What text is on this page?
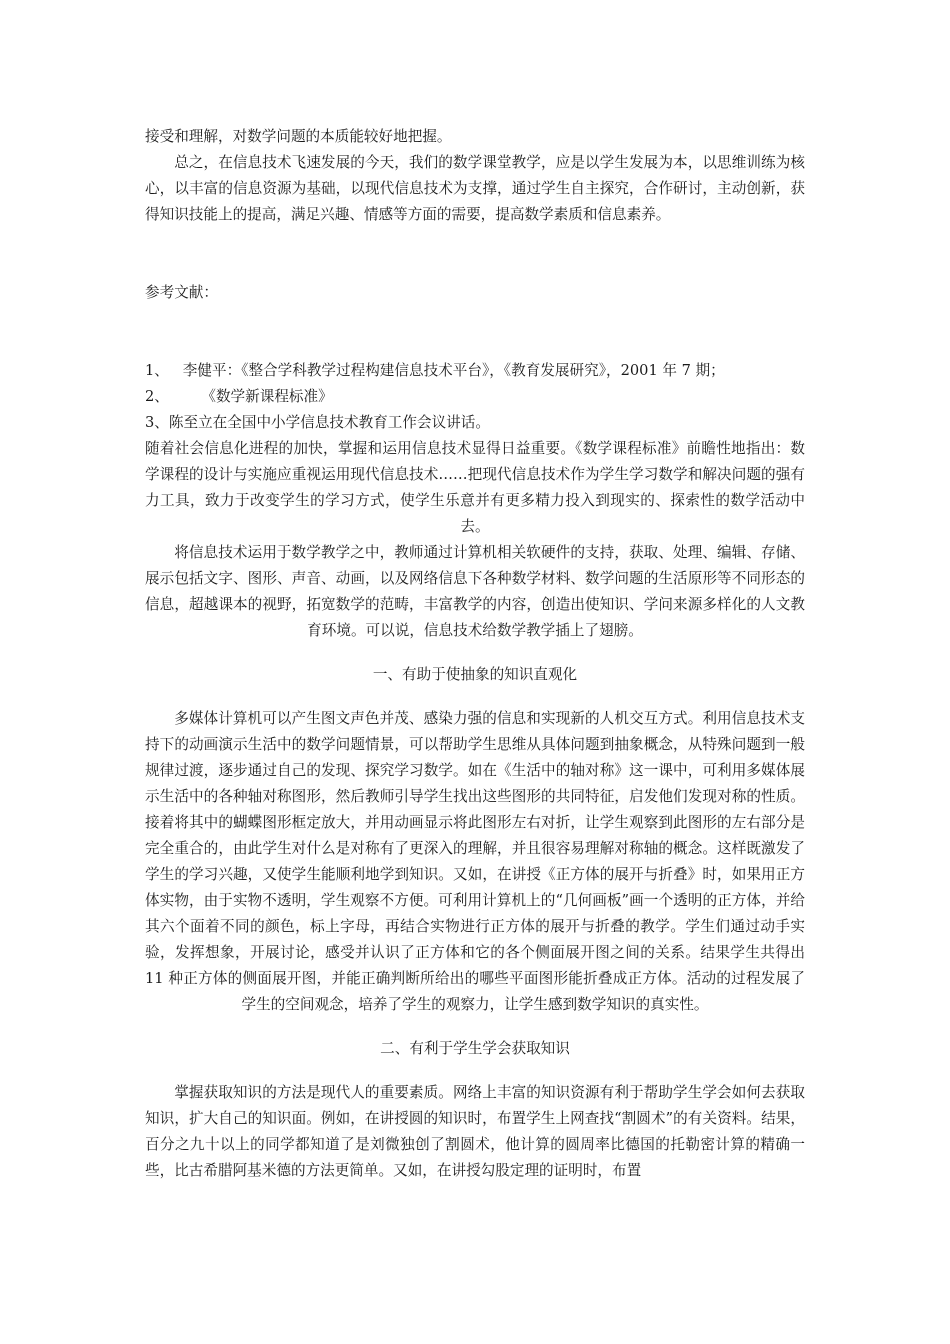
接受和理解，对数学问题的本质能较好地把握。

总之，在信息技术飞速发展的今天，我们的数学课堂教学，应是以学生发展为本，以思维训练为核心，以丰富的信息资源为基础，以现代信息技术为支撑，通过学生自主探究，合作研讨，主动创新，获得知识技能上的提高，满足兴趣、情感等方面的需要，提高数学素质和信息素养。

参考文献：

1、   李健平：《整合学科教学过程构建信息技术平台》，《教育发展研究》，2001 年 7 期；

2、       《数学新课程标准》

3、陈至立在全国中小学信息技术教育工作会议讲话。

随着社会信息化进程的加快，掌握和运用信息技术显得日益重要。《数学课程标准》前瞻性地指出：数学课程的设计与实施应重视运用现代信息技术……把现代信息技术作为学生学习数学和解决问题的强有力工具，致力于改变学生的学习方式，使学生乐意并有更多精力投入到现实的、探索性的数学活动中去。

将信息技术运用于数学教学之中，教师通过计算机相关软硬件的支持，获取、处理、编辑、存储、展示包括文字、图形、声音、动画，以及网络信息下各种数学材料、数学问题的生活原形等不同形态的信息，超越课本的视野，拓宽数学的范畴，丰富教学的内容，创造出使知识、学问来源多样化的人文教育环境。可以说，信息技术给数学教学插上了翅膀。

一、有助于使抽象的知识直观化

多媒体计算机可以产生图文声色并茂、感染力强的信息和实现新的人机交互方式。利用信息技术支持下的动画演示生活中的数学问题情景，可以帮助学生思维从具体问题到抽象概念，从特殊问题到一般规律过渡，逐步通过自己的发现、探究学习数学。如在《生活中的轴对称》这一课中，可利用多媒体展示生活中的各种轴对称图形，然后教师引导学生找出这些图形的共同特征，启发他们发现对称的性质。接着将其中的蝴蝶图形框定放大，并用动画显示将此图形左右对折，让学生观察到此图形的左右部分是完全重合的，由此学生对什么是对称有了更深入的理解，并且很容易理解对称轴的概念。这样既激发了学生的学习兴趣，又使学生能顺利地学到知识。又如，在讲授《正方体的展开与折叠》时，如果用正方体实物，由于实物不透明，学生观察不方便。可利用计算机上的“几何画板”画一个透明的正方体，并给其六个面着不同的颜色，标上字母，再结合实物进行正方体的展开与折叠的教学。学生们通过动手实验，发挥想象，开展讨论，感受并认识了正方体和它的各个侧面展开图之间的关系。结果学生共得出 11 种正方体的侧面展开图，并能正确判断所给出的哪些平面图形能折叠成正方体。活动的过程发展了学生的空间观念，培养了学生的观察力，让学生感到数学知识的真实性。

二、有利于学生学会获取知识

掌握获取知识的方法是现代人的重要素质。网络上丰富的知识资源有利于帮助学生学会如何去获取知识，扩大自己的知识面。例如，在讲授圆的知识时，布置学生上网查找“割圆术”的有关资料。结果，百分之九十以上的同学都知道了是刘微独创了割圆术，他计算的圆周率比德国的托勒密计算的精确一些，比古希腊阿基米德的方法更简单。又如，在讲授勾股定理的证明时，布置
